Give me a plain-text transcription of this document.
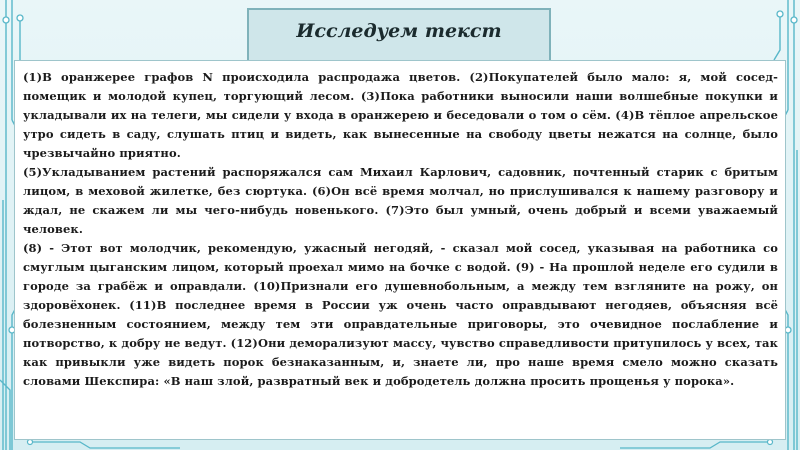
Исследуем текст

(1)В оранжерее графов N происходила распродажа цветов. (2)Покупателей было мало: я, мой сосед-помещик и молодой купец, торгующий лесом. (3)Пока работники выносили наши волшебные покупки и укладывали их на телеги, мы сидели у входа в оранжерею и беседовали о том о сём. (4)В тёплое апрельское утро сидеть в саду, слушать птиц и видеть, как вынесенные на свободу цветы нежатся на солнце, было чрезвычайно приятно.

(5)Укладыванием растений распоряжался сам Михаил Карлович, садовник, почтенный старик с бритым лицом, в меховой жилетке, без сюртука. (6)Он всё время молчал, но прислушивался к нашему разговору и ждал, не скажем ли мы чего-нибудь новенького. (7)Это был умный, очень добрый и всеми уважаемый человек.

(8) - Этот вот молодчик, рекомендую, ужасный негодяй, - сказал мой сосед, указывая на работника со смуглым цыганским лицом, который проехал мимо на бочке с водой. (9) - На прошлой неделе его судили в городе за грабёж и оправдали. (10)Признали его душевнобольным, а между тем взгляните на рожу, он здоровёхонек. (11)В последнее время в России уж очень часто оправдывают негодяев, объясняя всё болезненным состоянием, между тем эти оправдательные приговоры, это очевидное послабление и потворство, к добру не ведут. (12)Они деморализуют массу, чувство справедливости притупилось у всех, так как привыкли уже видеть порок безнаказанным, и, знаете ли, про наше время смело можно сказать словами Шекспира: «В наш злой, развратный век и добродетель должна просить прощенья у порока».
